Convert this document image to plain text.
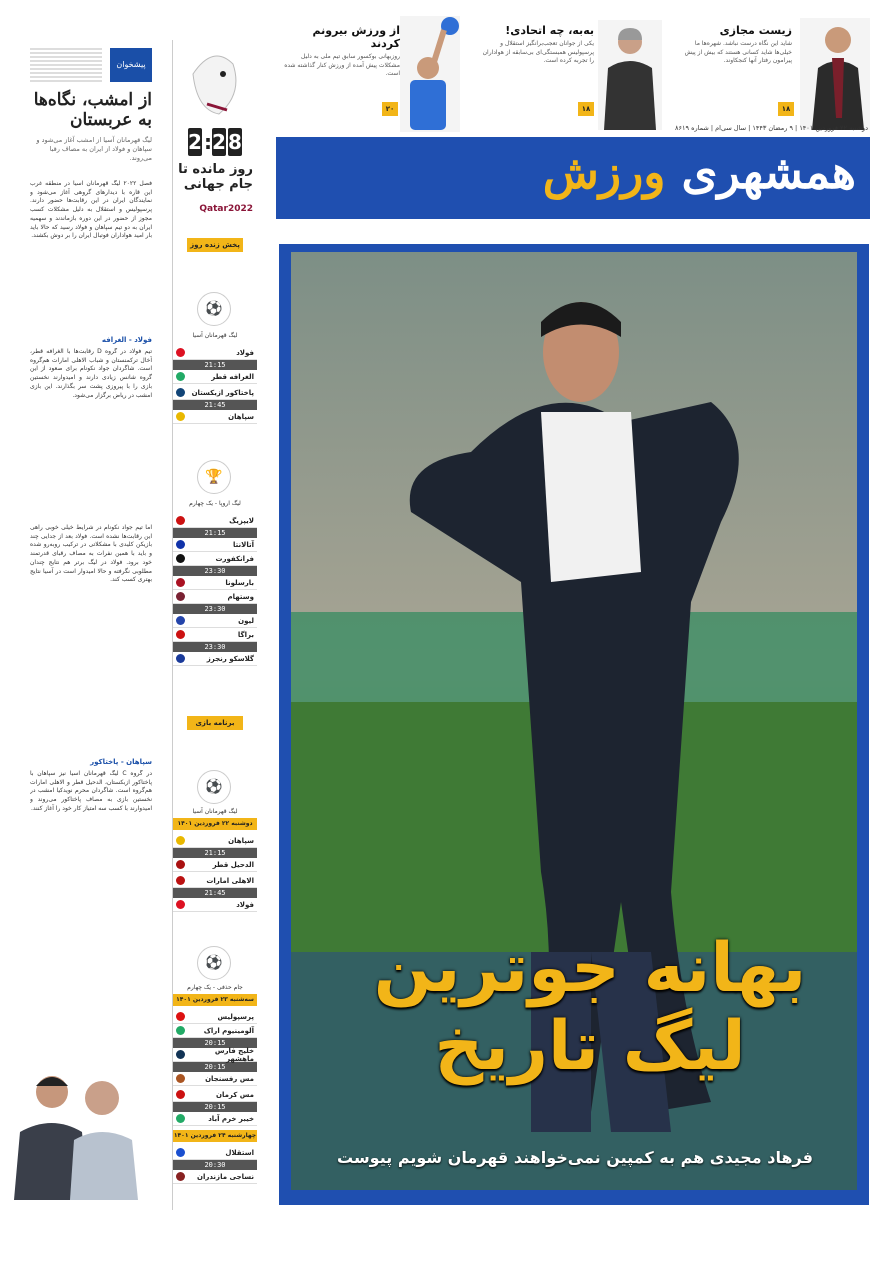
زیست مجازی
شاید این نگاه درست نباشد. شهره‌ها ما خیلی‌ها شاید کسانی هستند که بیش از پیش پیرامون رفتار آنها کنجکاوند.
۱۸
به‌به، چه اتحادی!
یکی از جوانان تعجب‌برانگیز استقلال و پرسپولیس همبستگی‌ای بی‌سابقه از هواداران را تجربه کرده است.
۱۸
از ورزش بیرونم کردند
روزبهانی بوکسور سابق تیم ملی به دلیل مشکلات پیش آمده از ورزش کنار گذاشته شده است.
۲۰
دوشنبه ۲۲ فروردین ۱۴۰۱ | ۹ رمضان ۱۴۴۳ | سال سی‌ام | شماره ۸۶۱۹
همشهری ورزش
بهانه جوترین
لیگ تاریخ
فرهاد مجیدی هم به کمپین نمی‌خواهند قهرمان شویم پیوست
2 : 2 8
روز مانده تا جام جهانی
Qatar2022
پخش زنده روز
⚽
لیگ قهرمانان آسیا
فولاد
21:15
الغرافه قطر
پاختاکور ازبکستان
21:45
سپاهان
🏆
لیگ اروپا - یک چهارم
لایپزیگ
21:15
آتالانتا
فرانکفورت
23:30
بارسلونا
وستهام
23:30
لیون
براگا
23:30
گلاسکو رنجرز
برنامه بازی
⚽
لیگ قهرمانان آسیا
دوشنبه ۲۲ فروردین ۱۴۰۱
سپاهان
21:15
الدحیل قطر
الاهلی امارات
21:45
فولاد
⚽
جام حذفی - یک چهارم
سه‌شنبه ۲۳ فروردین ۱۴۰۱
پرسپولیس
آلومینیوم اراک
20:15
خلیج فارس ماهشهر
20:15
مس رفسنجان
مس کرمان
20:15
خیبر خرم آباد
چهارشنبه ۲۴ فروردین ۱۴۰۱
استقلال
20:30
نساجی مازندران
پیشخوان
از امشب، نگاه‌ها به عربستان
لیگ قهرمانان آسیا از امشب آغاز می‌شود و سپاهان و فولاد از ایران به مصاف رقبا می‌روند.
فصل ۲۰۲۲ لیگ قهرمانان آسیا در منطقه غرب این قاره با دیدارهای گروهی آغاز می‌شود و نمایندگان ایران در این رقابت‌ها حضور دارند. پرسپولیس و استقلال به دلیل مشکلات کسب مجوز از حضور در این دوره بازماندند و سهمیه ایران به دو تیم سپاهان و فولاد رسید که حالا باید بار امید هواداران فوتبال ایران را بر دوش بکشند.
فولاد - الغرافه
تیم فولاد در گروه D رقابت‌ها با الغرافه قطر، آخال ترکمنستان و شباب الاهلی امارات هم‌گروه است. شاگردان جواد نکونام برای صعود از این گروه شانس زیادی دارند و امیدوارند نخستین بازی را با پیروزی پشت سر بگذارند. این بازی امشب در ریاض برگزار می‌شود.
اما تیم جواد نکونام در شرایط خیلی خوبی راهی این رقابت‌ها نشده است. فولاد بعد از جدایی چند بازیکن کلیدی با مشکلاتی در ترکیب روبه‌رو شده و باید با همین نفرات به مصاف رقبای قدرتمند خود برود. فولاد در لیگ برتر هم نتایج چندان مطلوبی نگرفته و حالا امیدوار است در آسیا نتایج بهتری کسب کند.
سپاهان - پاختاکور
در گروه C لیگ قهرمانان آسیا نیز سپاهان با پاختاکور ازبکستان، الدحیل قطر و الاهلی امارات هم‌گروه است. شاگردان محرم نویدکیا امشب در نخستین بازی به مصاف پاختاکور می‌روند و امیدوارند با کسب سه امتیاز کار خود را آغاز کنند.
